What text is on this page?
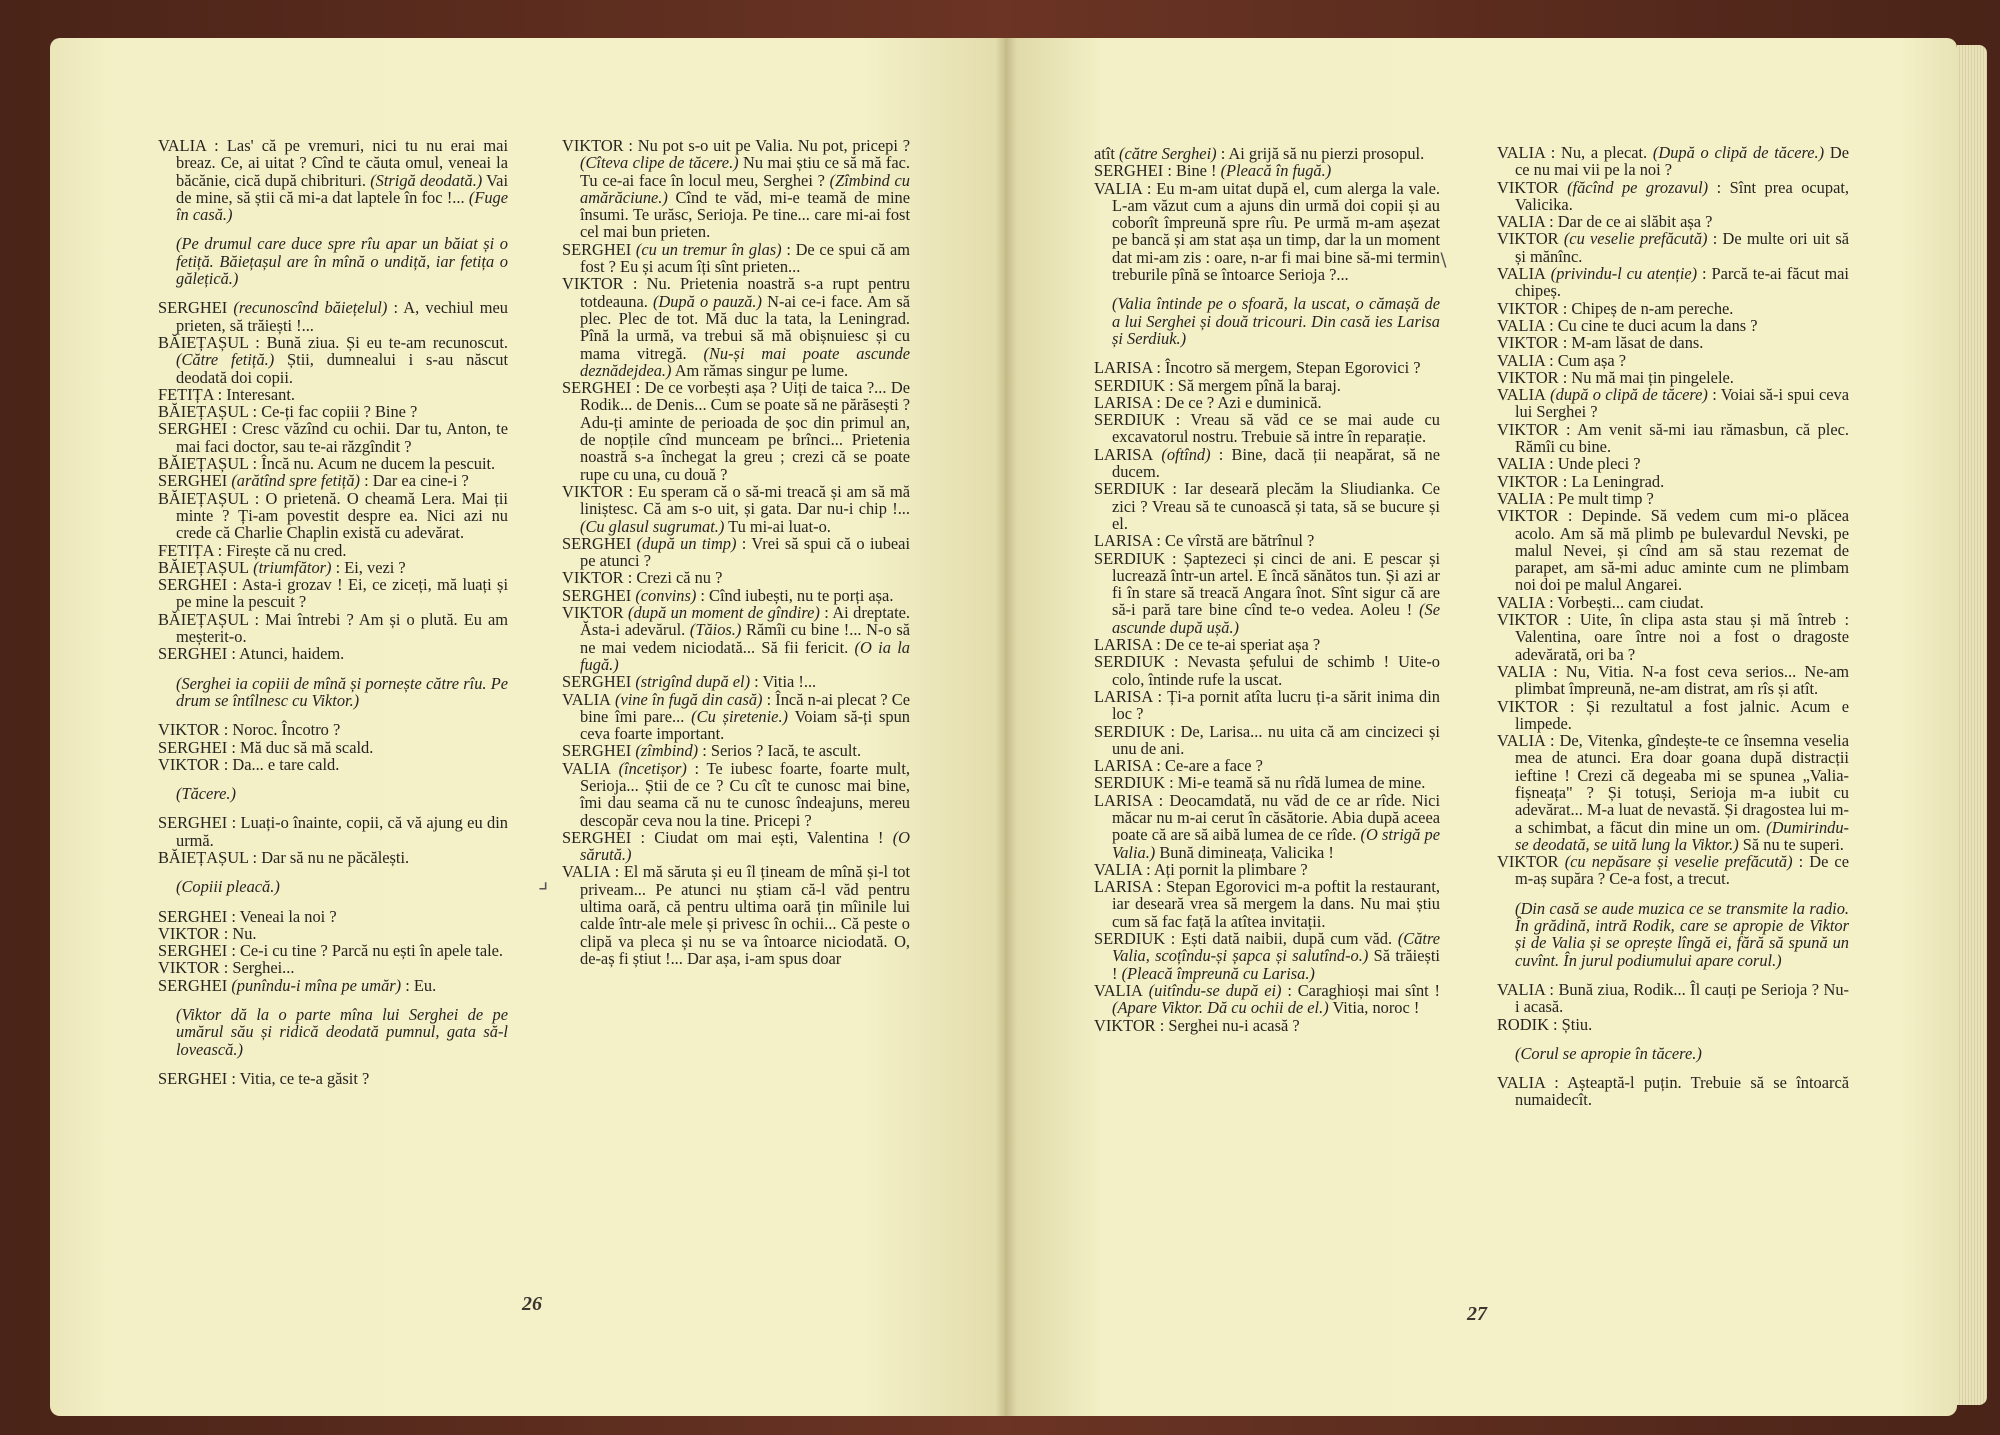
VALIA : Las' că pe vremuri, nici tu nu erai mai breaz. Ce, ai uitat ? Cînd te căuta omul, veneai la băcănie, cică după chibrituri. (Strigă deodată.) Vai de mine, să știi că mi-a dat laptele în foc !... (Fuge în casă.)

(Pe drumul care duce spre rîu apar un băiat și o fetiță. Băiețașul are în mînă o undiță, iar fetița o gălețică.)

SERGHEI (recunoscînd băiețelul) : A, vechiul meu prieten, să trăiești !...

BĂIEȚAȘUL : Bună ziua. Și eu te-am recunoscut. (Către fetiță.) Știi, dumnealui i s-au născut deodată doi copii.

FETIȚA : Interesant.

BĂIEȚAȘUL : Ce-ți fac copiii ? Bine ?

SERGHEI : Cresc văzînd cu ochii. Dar tu, Anton, te mai faci doctor, sau te-ai răzgîndit ?

BĂIEȚAȘUL : Încă nu. Acum ne ducem la pescuit.

SERGHEI (arătînd spre fetiță) : Dar ea cine-i ?

BĂIEȚAȘUL : O prietenă. O cheamă Lera. Mai ții minte ? Ți-am povestit despre ea. Nici azi nu crede că Charlie Chaplin există cu adevărat.

FETIȚA : Firește că nu cred.

BĂIEȚAȘUL (triumfător) : Ei, vezi ?

SERGHEI : Asta-i grozav ! Ei, ce ziceți, mă luați și pe mine la pescuit ?

BĂIEȚAȘUL : Mai întrebi ? Am și o plută. Eu am meșterit-o.

SERGHEI : Atunci, haidem.

(Serghei ia copiii de mînă și pornește către rîu. Pe drum se întîlnesc cu Viktor.)

VIKTOR : Noroc. Încotro ?

SERGHEI : Mă duc să mă scald.

VIKTOR : Da... e tare cald.

(Tăcere.)

SERGHEI : Luați-o înainte, copii, că vă ajung eu din urmă.

BĂIEȚAȘUL : Dar să nu ne păcălești.

(Copiii pleacă.)

SERGHEI : Veneai la noi ?

VIKTOR : Nu.

SERGHEI : Ce-i cu tine ? Parcă nu ești în apele tale.

VIKTOR : Serghei...

SERGHEI (punîndu-i mîna pe umăr) : Eu.

(Viktor dă la o parte mîna lui Serghei de pe umărul său și ridică deodată pumnul, gata să-l lovească.)

SERGHEI : Vitia, ce te-a găsit ?

VIKTOR : Nu pot s-o uit pe Valia. Nu pot, pricepi ? (Cîteva clipe de tăcere.) Nu mai știu ce să mă fac. Tu ce-ai face în locul meu, Serghei ? (Zîmbind cu amărăciune.) Cînd te văd, mi-e teamă de mine însumi. Te urăsc, Serioja. Pe tine... care mi-ai fost cel mai bun prieten.

SERGHEI (cu un tremur în glas) : De ce spui că am fost ? Eu și acum îți sînt prieten...

VIKTOR : Nu. Prietenia noastră s-a rupt pentru totdeauna. (După o pauză.) N-ai ce-i face. Am să plec. Plec de tot. Mă duc la tata, la Leningrad. Pînă la urmă, va trebui să mă obișnuiesc și cu mama vitregă. (Nu-și mai poate ascunde deznădejdea.) Am rămas singur pe lume.

SERGHEI : De ce vorbești așa ? Uiți de taica ?... De Rodik... de Denis... Cum se poate să ne părăsești ? Adu-ți aminte de perioada de șoc din primul an, de nopțile cînd munceam pe brînci... Prietenia noastră s-a închegat la greu ; crezi că se poate rupe cu una, cu două ?

VIKTOR : Eu speram că o să-mi treacă și am să mă liniștesc. Că am s-o uit, și gata. Dar nu-i chip !... (Cu glasul sugrumat.) Tu mi-ai luat-o.

SERGHEI (după un timp) : Vrei să spui că o iubeai pe atunci ?

VIKTOR : Crezi că nu ?

SERGHEI (convins) : Cînd iubești, nu te porți așa.

VIKTOR (după un moment de gîndire) : Ai dreptate. Ăsta-i adevărul. (Tăios.) Rămîi cu bine !... N-o să ne mai vedem niciodată... Să fii fericit. (O ia la fugă.)

SERGHEI (strigînd după el) : Vitia !...

VALIA (vine în fugă din casă) : Încă n-ai plecat ? Ce bine îmi pare... (Cu șiretenie.) Voiam să-ți spun ceva foarte important.

SERGHEI (zîmbind) : Serios ? Iacă, te ascult.

VALIA (încetișor) : Te iubesc foarte, foarte mult, Serioja... Știi de ce ? Cu cît te cunosc mai bine, îmi dau seama că nu te cunosc îndeajuns, mereu descopăr ceva nou la tine. Pricepi ?

SERGHEI : Ciudat om mai ești, Valentina ! (O sărută.)

VALIA : El mă săruta și eu îl țineam de mînă și-l tot priveam... Pe atunci nu știam că-l văd pentru ultima oară, că pentru ultima oară țin mîinile lui calde într-ale mele și privesc în ochii... Că peste o clipă va pleca și nu se va întoarce niciodată. O, de-aș fi știut !... Dar așa, i-am spus doar

atît (către Serghei) : Ai grijă să nu pierzi prosopul.

SERGHEI : Bine ! (Pleacă în fugă.)

VALIA : Eu m-am uitat după el, cum alerga la vale. L-am văzut cum a ajuns din urmă doi copii și au coborît împreună spre rîu. Pe urmă m-am așezat pe bancă și am stat așa un timp, dar la un moment dat mi-am zis : oare, n-ar fi mai bine să-mi termin treburile pînă se întoarce Serioja ?...

(Valia întinde pe o sfoară, la uscat, o cămașă de a lui Serghei și două tricouri. Din casă ies Larisa și Serdiuk.)

LARISA : Încotro să mergem, Stepan Egorovici ?

SERDIUK : Să mergem pînă la baraj.

LARISA : De ce ? Azi e duminică.

SERDIUK : Vreau să văd ce se mai aude cu excavatorul nostru. Trebuie să intre în reparație.

LARISA (oftînd) : Bine, dacă ții neapărat, să ne ducem.

SERDIUK : Iar deseară plecăm la Sliudianka. Ce zici ? Vreau să te cunoască și tata, să se bucure și el.

LARISA : Ce vîrstă are bătrînul ?

SERDIUK : Șaptezeci și cinci de ani. E pescar și lucrează într-un artel. E încă sănătos tun. Și azi ar fi în stare să treacă Angara înot. Sînt sigur că are să-i pară tare bine cînd te-o vedea. Aoleu ! (Se ascunde după ușă.)

LARISA : De ce te-ai speriat așa ?

SERDIUK : Nevasta șefului de schimb ! Uite-o colo, întinde rufe la uscat.

LARISA : Ți-a pornit atîta lucru ți-a sărit inima din loc ?

SERDIUK : De, Larisa... nu uita că am cincizeci și unu de ani.

LARISA : Ce-are a face ?

SERDIUK : Mi-e teamă să nu rîdă lumea de mine.

LARISA : Deocamdată, nu văd de ce ar rîde. Nici măcar nu m-ai cerut în căsătorie. Abia după aceea poate că are să aibă lumea de ce rîde. (O strigă pe Valia.) Bună dimineața, Valicika !

VALIA : Ați pornit la plimbare ?

LARISA : Stepan Egorovici m-a poftit la restaurant, iar deseară vrea să mergem la dans. Nu mai știu cum să fac față la atîtea invitații.

SERDIUK : Ești dată naibii, după cum văd. (Către Valia, scoțîndu-și șapca și salutînd-o.) Să trăiești ! (Pleacă împreună cu Larisa.)

VALIA (uitîndu-se după ei) : Caraghioși mai sînt ! (Apare Viktor. Dă cu ochii de el.) Vitia, noroc !

VIKTOR : Serghei nu-i acasă ?

VALIA : Nu, a plecat. (După o clipă de tăcere.) De ce nu mai vii pe la noi ?

VIKTOR (făcînd pe grozavul) : Sînt prea ocupat, Valicika.

VALIA : Dar de ce ai slăbit așa ?

VIKTOR (cu veselie prefăcută) : De multe ori uit să și mănînc.

VALIA (privindu-l cu atenție) : Parcă te-ai făcut mai chipeș.

VIKTOR : Chipeș de n-am pereche.

VALIA : Cu cine te duci acum la dans ?

VIKTOR : M-am lăsat de dans.

VALIA : Cum așa ?

VIKTOR : Nu mă mai țin pingelele.

VALIA (după o clipă de tăcere) : Voiai să-i spui ceva lui Serghei ?

VIKTOR : Am venit să-mi iau rămasbun, că plec. Rămîi cu bine.

VALIA : Unde pleci ?

VIKTOR : La Leningrad.

VALIA : Pe mult timp ?

VIKTOR : Depinde. Să vedem cum mi-o plăcea acolo. Am să mă plimb pe bulevardul Nevski, pe malul Nevei, și cînd am să stau rezemat de parapet, am să-mi aduc aminte cum ne plimbam noi doi pe malul Angarei.

VALIA : Vorbești... cam ciudat.

VIKTOR : Uite, în clipa asta stau și mă întreb : Valentina, oare între noi a fost o dragoste adevărată, ori ba ?

VALIA : Nu, Vitia. N-a fost ceva serios... Ne-am plimbat împreună, ne-am distrat, am rîs și atît.

VIKTOR : Și rezultatul a fost jalnic. Acum e limpede.

VALIA : De, Vitenka, gîndește-te ce însemna veselia mea de atunci. Era doar goana după distracții ieftine ! Crezi că degeaba mi se spunea „Valia-fișneața" ? Și totuși, Serioja m-a iubit cu adevărat... M-a luat de nevastă. Și dragostea lui m-a schimbat, a făcut din mine un om. (Dumirindu-se deodată, se uită lung la Viktor.) Să nu te superi.

VIKTOR (cu nepăsare și veselie prefăcută) : De ce m-aș supăra ? Ce-a fost, a trecut.

(Din casă se aude muzica ce se transmite la radio. În grădină, intră Rodik, care se apropie de Viktor și de Valia și se oprește lîngă ei, fără să spună un cuvînt. În jurul podiumului apare corul.)

VALIA : Bună ziua, Rodik... Îl cauți pe Serioja ? Nu-i acasă.

RODIK : Știu.

(Corul se apropie în tăcere.)

VALIA : Așteaptă-l puțin. Trebuie să se întoarcă numaidecît.

26	27
⌟
∖
